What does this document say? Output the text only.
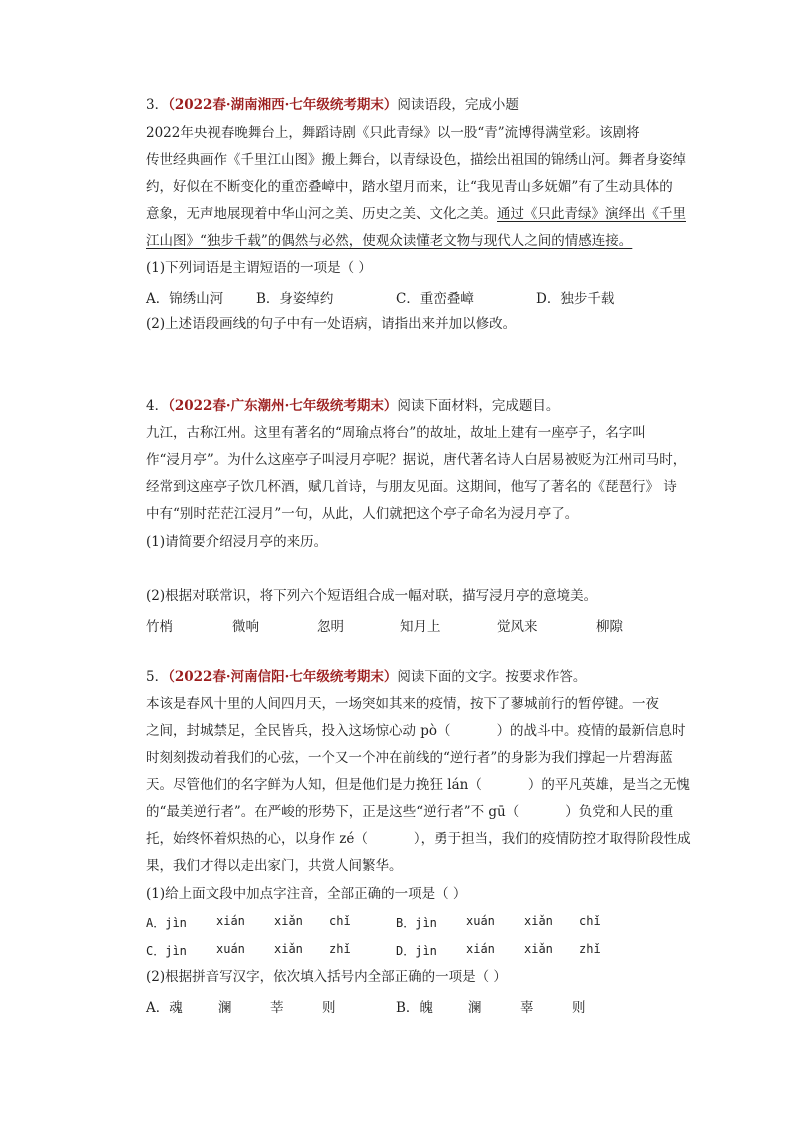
3．（2022春·湖南湘西·七年级统考期末）阅读语段，完成小题
2022年央视春晚舞台上，舞蹈诗剧《只此青绿》以一股“青”流博得满堂彩。该剧将
传世经典画作《千里江山图》搬上舞台，以青绿设色，描绘出祖国的锦绣山河。舞者身姿绰
约，好似在不断变化的重峦叠嶂中，踏水望月而来，让“我见青山多妩媚”有了生动具体的
意象，无声地展现着中华山河之美、历史之美、文化之美。通过《只此青绿》演绎出《千里
江山图》“独步千载”的偶然与必然，使观众读懂老文物与现代人之间的情感连接。
(1)下列词语是主谓短语的一项是（ ）
A．锦绣山河 B．身姿绰约	C．重峦叠嶂	D．独步千载
(2)上述语段画线的句子中有一处语病，请指出来并加以修改。
4．（2022春·广东潮州·七年级统考期末）阅读下面材料，完成题目。
九江，古称江州。这里有著名的“周瑜点将台”的故址，故址上建有一座亭子，名字叫
作“浸月亭”。为什么这座亭子叫浸月亭呢？据说，唐代著名诗人白居易被贬为江州司马时，
经常到这座亭子饮几杯酒，赋几首诗，与朋友见面。这期间，他写了著名的《琵琶行》 诗
中有“别时茫茫江浸月”一句，从此，人们就把这个亭子命名为浸月亭了。
(1)请简要介绍浸月亭的来历。
(2)根据对联常识，将下列六个短语组合成一幅对联，描写浸月亭的意境美。
竹梢	微响	忽明	知月上	觉风来	柳隙
5．（2022春·河南信阳·七年级统考期末）阅读下面的文字。按要求作答。
本该是春风十里的人间四月天，一场突如其来的疫情，按下了蓼城前行的暂停键。一夜
之间，封城禁足，全民皆兵，投入这场惊心动 pò（	）的战斗中。疫情的最新信息时
时刻刻拨动着我们的心弦，一个又一个冲在前线的“逆行者”的身影为我们撑起一片碧海蓝
天。尽管他们的名字鲜为人知，但是他们是力挽狂 lán（	）的平凡英雄，是当之无愧
的“最美逆行者”。在严峻的形势下，正是这些“逆行者”不 gū（	）负党和人民的重
托，始终怀着炽热的心，以身作 zé（	），勇于担当，我们的疫情防控才取得阶段性成
果，我们才得以走出家门，共赏人间繁华。
(1)给上面文段中加点字注音，全部正确的一项是（ ）
A．jìn xián xiǎn chǐ	B．jìn xuán xiǎn chǐ
C．jìn xuán xiǎn zhǐ	D．jìn xián xiǎn zhǐ
(2)根据拼音写汉字，依次填入括号内全部正确的一项是（ ）
A．魂	澜	莘	则	B．魄	澜	辜	则
